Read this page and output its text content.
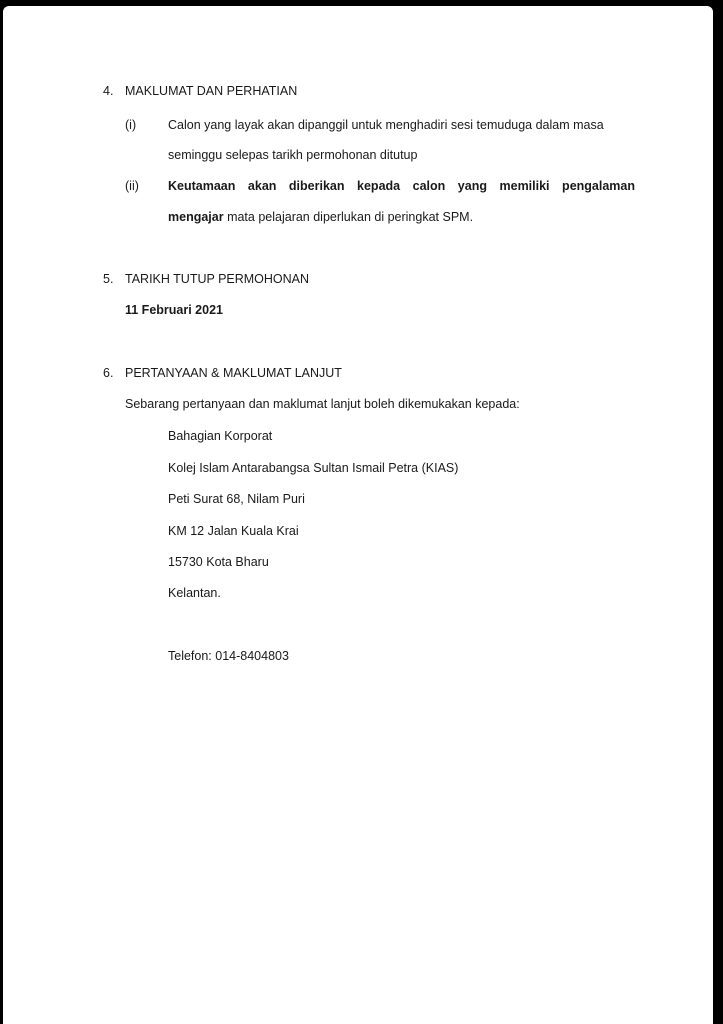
4. MAKLUMAT DAN PERHATIAN
(i)	Calon yang layak akan dipanggil untuk menghadiri sesi temuduga dalam masa
seminggu selepas tarikh permohonan ditutup
(ii) Keutamaan akan diberikan kepada calon yang memiliki pengalaman
mengajar mata pelajaran diperlukan di peringkat SPM.
5. TARIKH TUTUP PERMOHONAN
11 Februari 2021
6. PERTANYAAN & MAKLUMAT LANJUT
Sebarang pertanyaan dan maklumat lanjut boleh dikemukakan kepada:
Bahagian Korporat
Kolej Islam Antarabangsa Sultan Ismail Petra (KIAS)
Peti Surat 68, Nilam Puri
KM 12 Jalan Kuala Krai
15730 Kota Bharu
Kelantan.
Telefon: 014-8404803
